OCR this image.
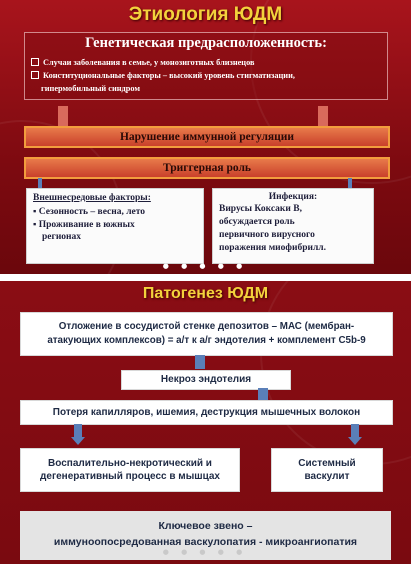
Этиология ЮДМ
Генетическая предрасположенность:
Случаи заболевания в семье, у монозиготных близнецов
Конституциональные факторы – высокий уровень стигматизации,
гипермобильный синдром
Нарушение иммунной регуляции
Триггерная роль
Внешнесредовые факторы:
▪ Сезонность – весна, лето
▪ Проживание в южных
регионах
Инфекция:
Вирусы Коксаки В,
обсуждается роль
первичного вирусного
поражения миофибрилл.
● ● ● ● ●
Патогенез ЮДМ
Отложение в сосудистой стенке депозитов – МАС (мембран-
атакующих комплексов) = а/т к а/г эндотелия + комплемент С5b-9
Некроз эндотелия
Потеря капилляров, ишемия, деструкция мышечных волокон
Воспалительно-некротический и
дегенеративный процесс в мышцах
Системный
васкулит
Ключевое звено –
иммуноопосредованная васкулопатия - микроангиопатия
● ● ● ● ●
